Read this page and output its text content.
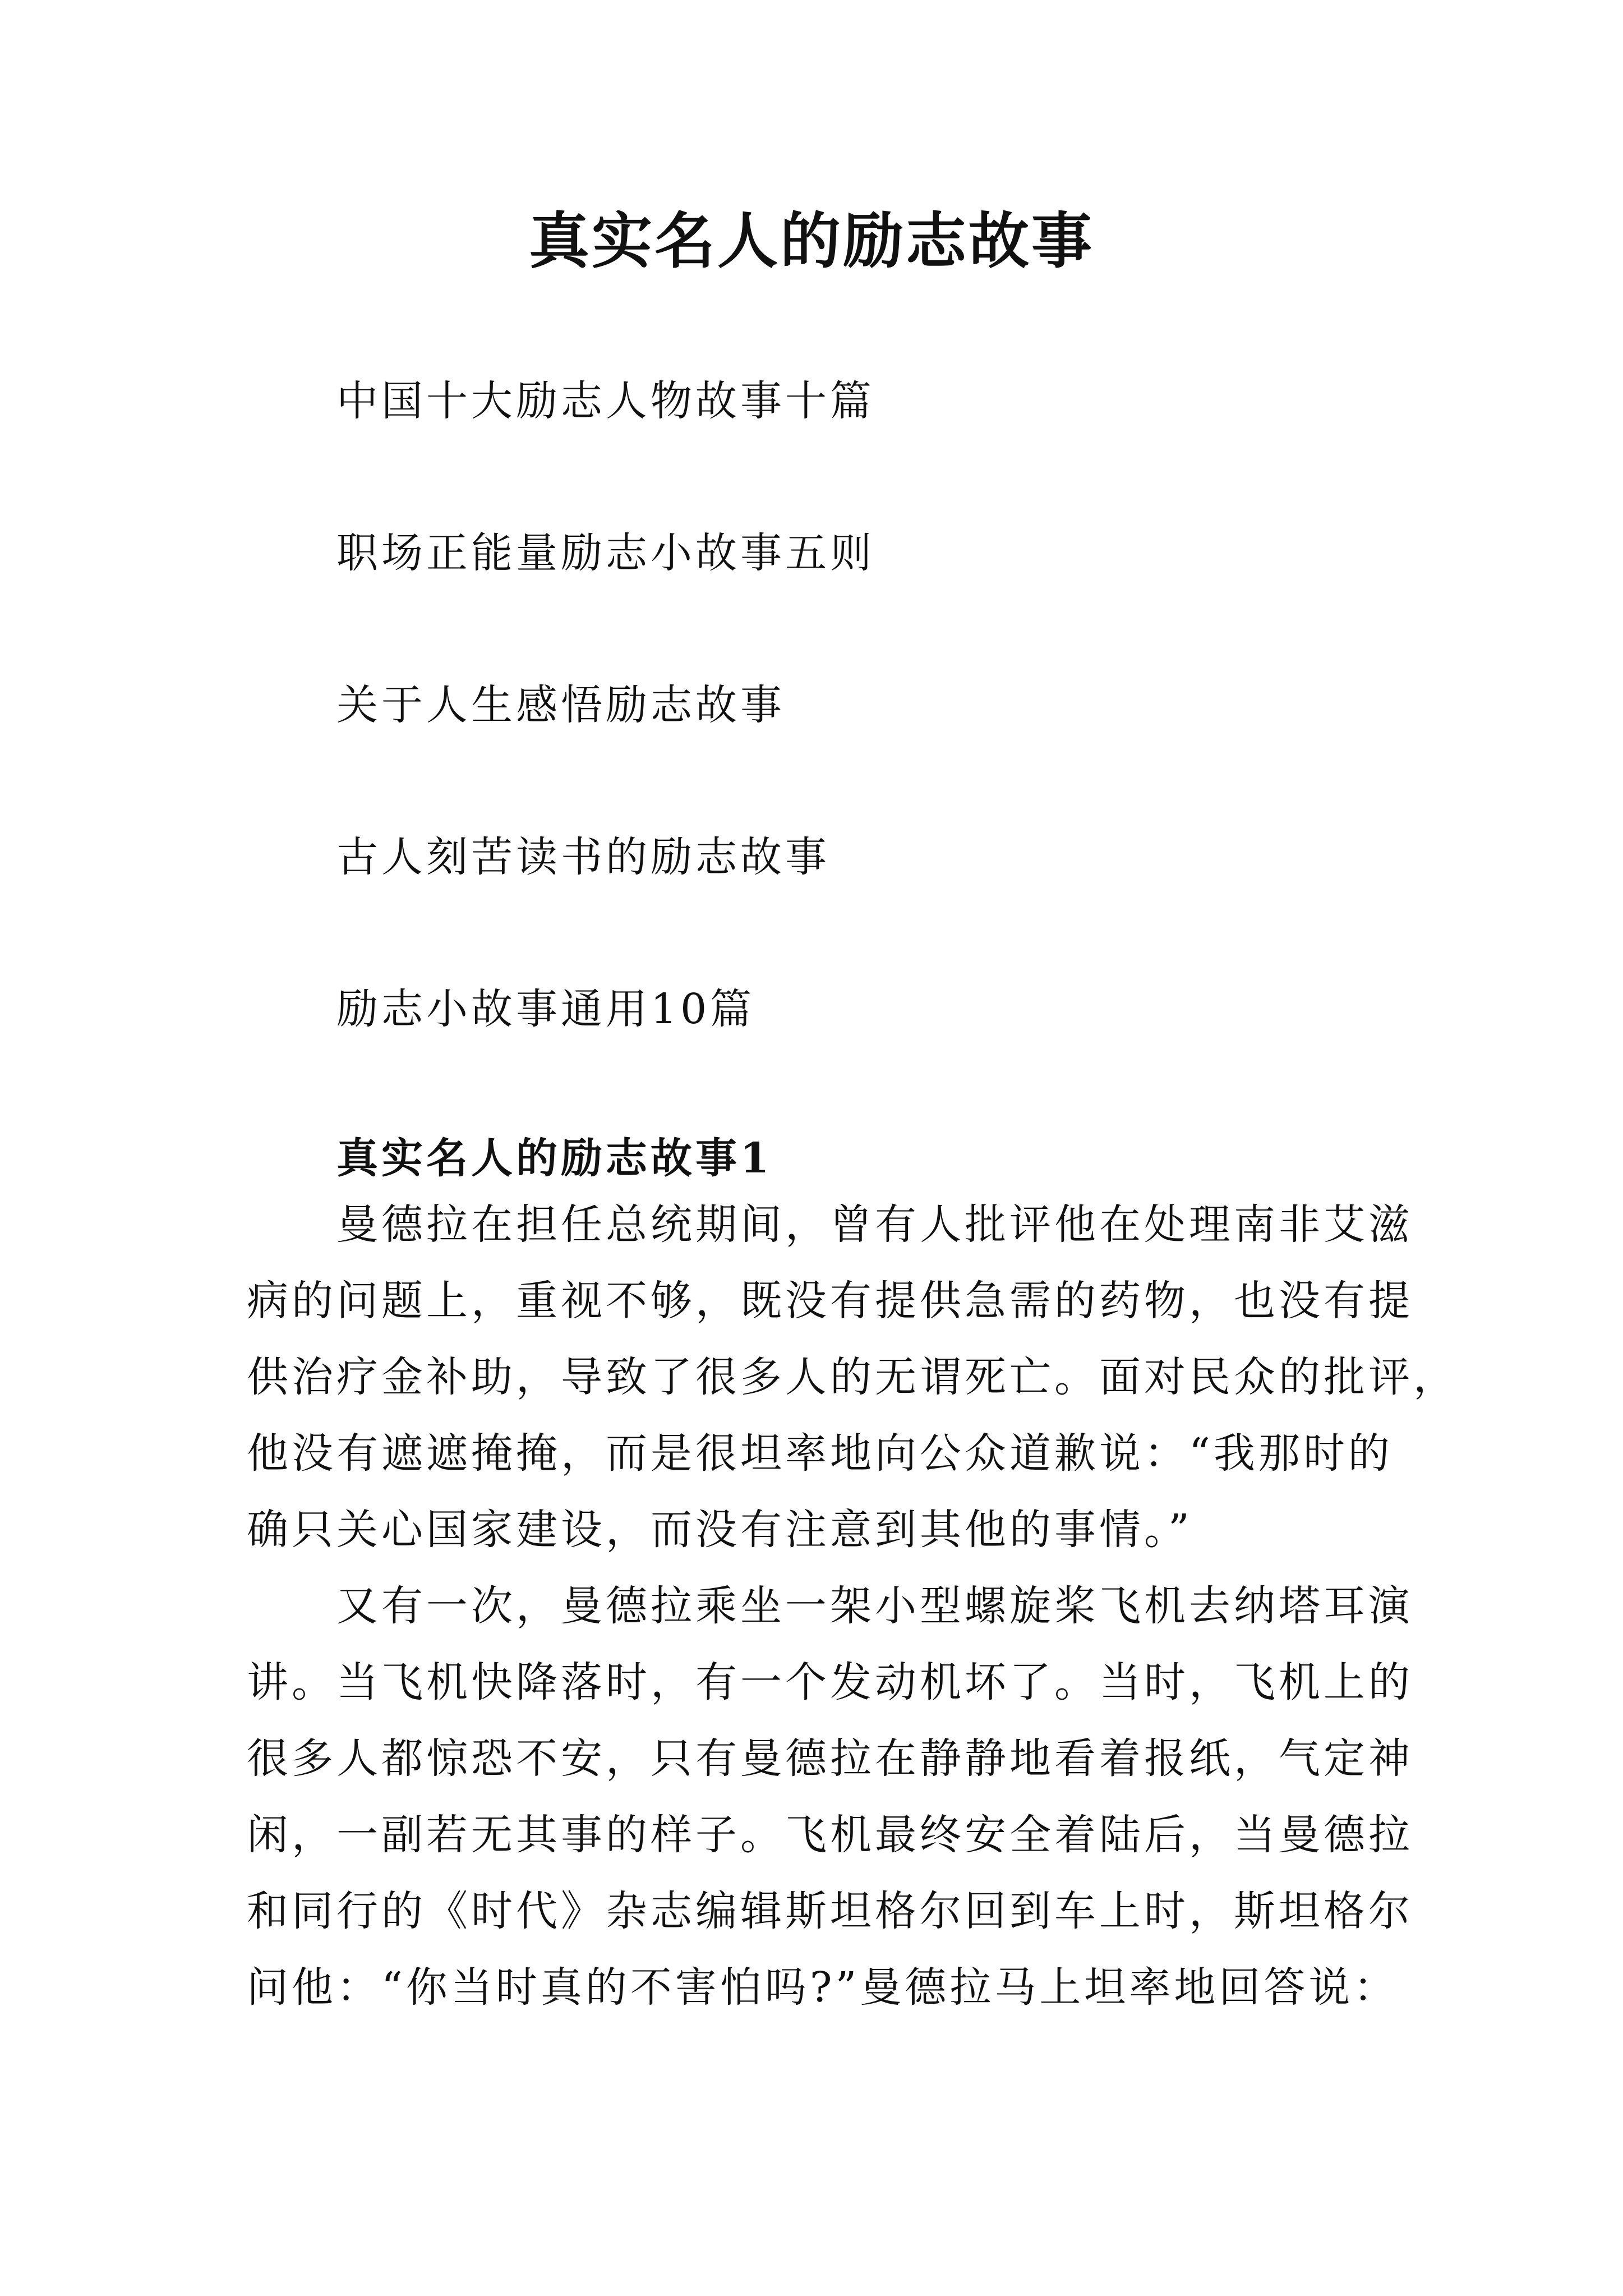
真实名人的励志故事
中国十大励志人物故事十篇
职场正能量励志小故事五则
关于人生感悟励志故事
古人刻苦读书的励志故事
励志小故事通用10篇
真实名人的励志故事1

曼德拉在担任总统期间，曾有人批评他在处理南非艾滋
病的问题上，重视不够，既没有提供急需的药物，也没有提
供治疗金补助，导致了很多人的无谓死亡。面对民众的批评，
他没有遮遮掩掩，而是很坦率地向公众道歉说：“我那时的
确只关心国家建设，而没有注意到其他的事情。”

又有一次，曼德拉乘坐一架小型螺旋桨飞机去纳塔耳演
讲。当飞机快降落时，有一个发动机坏了。当时，飞机上的
很多人都惊恐不安，只有曼德拉在静静地看着报纸，气定神
闲，一副若无其事的样子。飞机最终安全着陆后，当曼德拉
和同行的《时代》杂志编辑斯坦格尔回到车上时，斯坦格尔
问他：“你当时真的不害怕吗?”曼德拉马上坦率地回答说：
